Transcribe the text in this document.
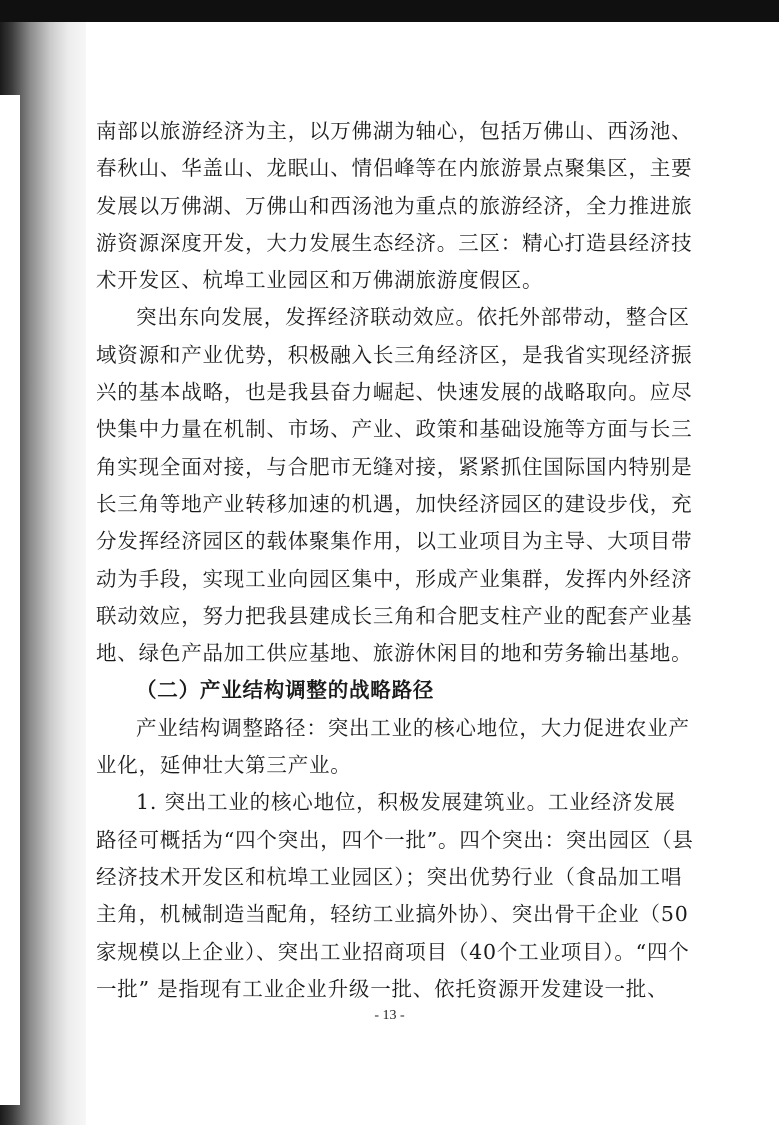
南部以旅游经济为主，以万佛湖为轴心，包括万佛山、西汤池、
春秋山、华盖山、龙眠山、情侣峰等在内旅游景点聚集区，主要
发展以万佛湖、万佛山和西汤池为重点的旅游经济，全力推进旅
游资源深度开发，大力发展生态经济。三区：精心打造县经济技
术开发区、杭埠工业园区和万佛湖旅游度假区。
突出东向发展，发挥经济联动效应。依托外部带动，整合区
域资源和产业优势，积极融入长三角经济区，是我省实现经济振
兴的基本战略，也是我县奋力崛起、快速发展的战略取向。应尽
快集中力量在机制、市场、产业、政策和基础设施等方面与长三
角实现全面对接，与合肥市无缝对接，紧紧抓住国际国内特别是
长三角等地产业转移加速的机遇，加快经济园区的建设步伐，充
分发挥经济园区的载体聚集作用，以工业项目为主导、大项目带
动为手段，实现工业向园区集中，形成产业集群，发挥内外经济
联动效应，努力把我县建成长三角和合肥支柱产业的配套产业基
地、绿色产品加工供应基地、旅游休闲目的地和劳务输出基地。
（二）产业结构调整的战略路径
产业结构调整路径：突出工业的核心地位，大力促进农业产
业化，延伸壮大第三产业。
1. 突出工业的核心地位，积极发展建筑业。工业经济发展
路径可概括为“四个突出，四个一批”。四个突出：突出园区（县
经济技术开发区和杭埠工业园区）；突出优势行业（食品加工唱
主角，机械制造当配角，轻纺工业搞外协）、突出骨干企业（50
家规模以上企业）、突出工业招商项目（40个工业项目）。“四个
一批” 是指现有工业企业升级一批、依托资源开发建设一批、
- 13 -
